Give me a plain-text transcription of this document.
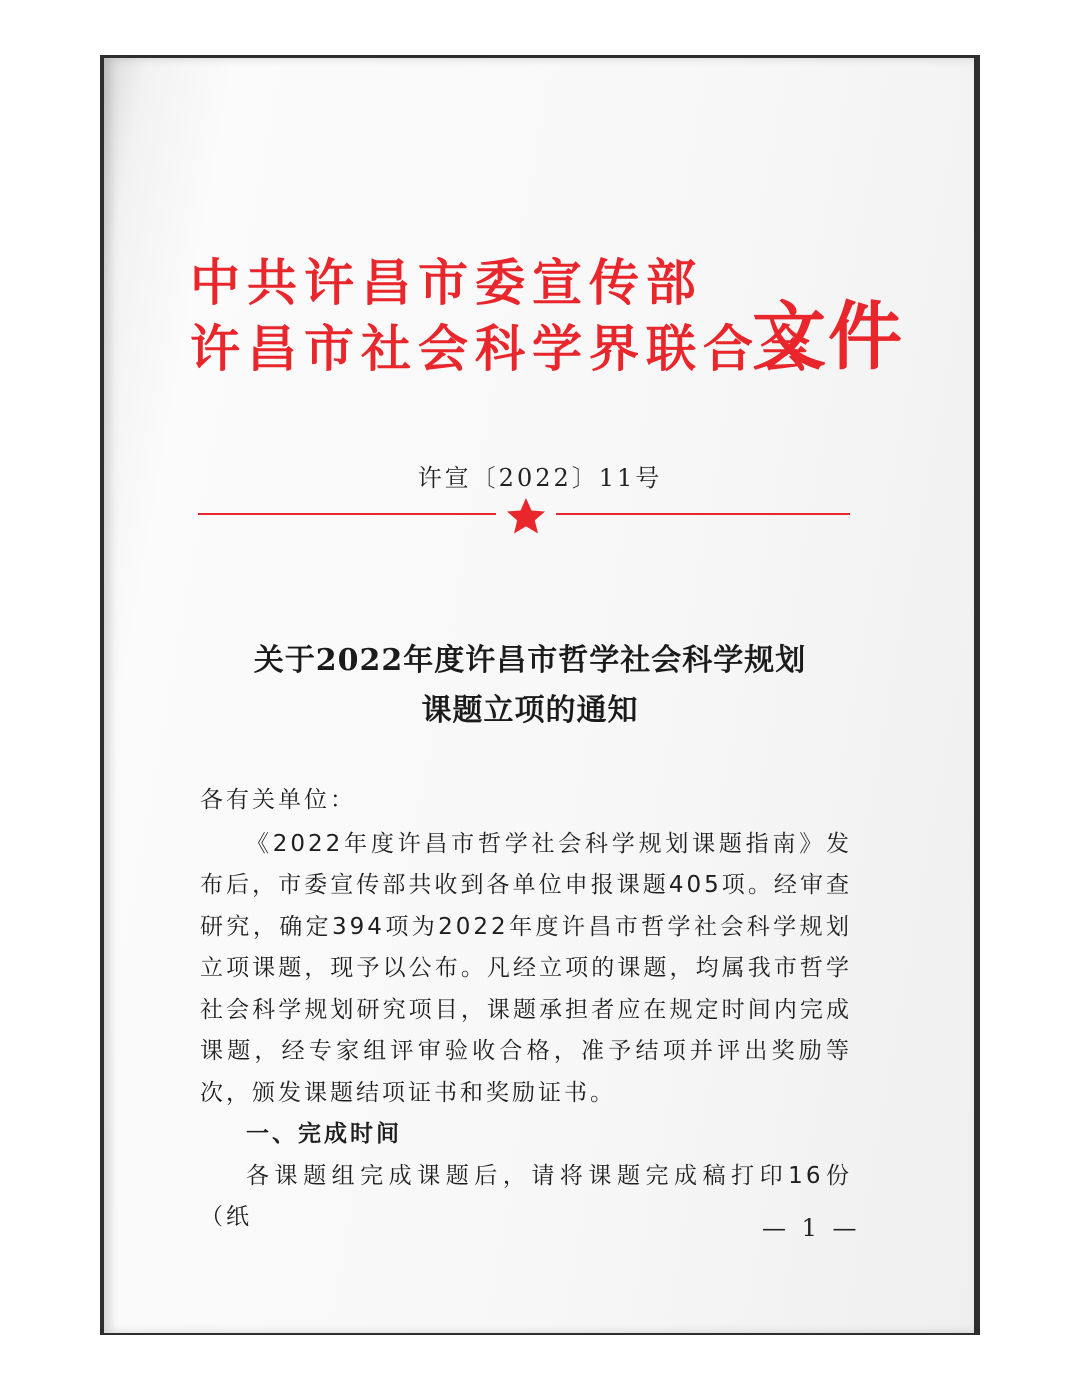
中共许昌市委宣传部
许昌市社会科学界联合会
文件
许宣〔2022〕11号
关于2022年度许昌市哲学社会科学规划
课题立项的通知

各有关单位：

《2022年度许昌市哲学社会科学规划课题指南》发布后，市委宣传部共收到各单位申报课题405项。经审查研究，确定394项为2022年度许昌市哲学社会科学规划立项课题，现予以公布。凡经立项的课题，均属我市哲学社会科学规划研究项目，课题承担者应在规定时间内完成课题，经专家组评审验收合格，准予结项并评出奖励等次，颁发课题结项证书和奖励证书。

一、完成时间

各课题组完成课题后，请将课题完成稿打印16份（纸	— 1 —
